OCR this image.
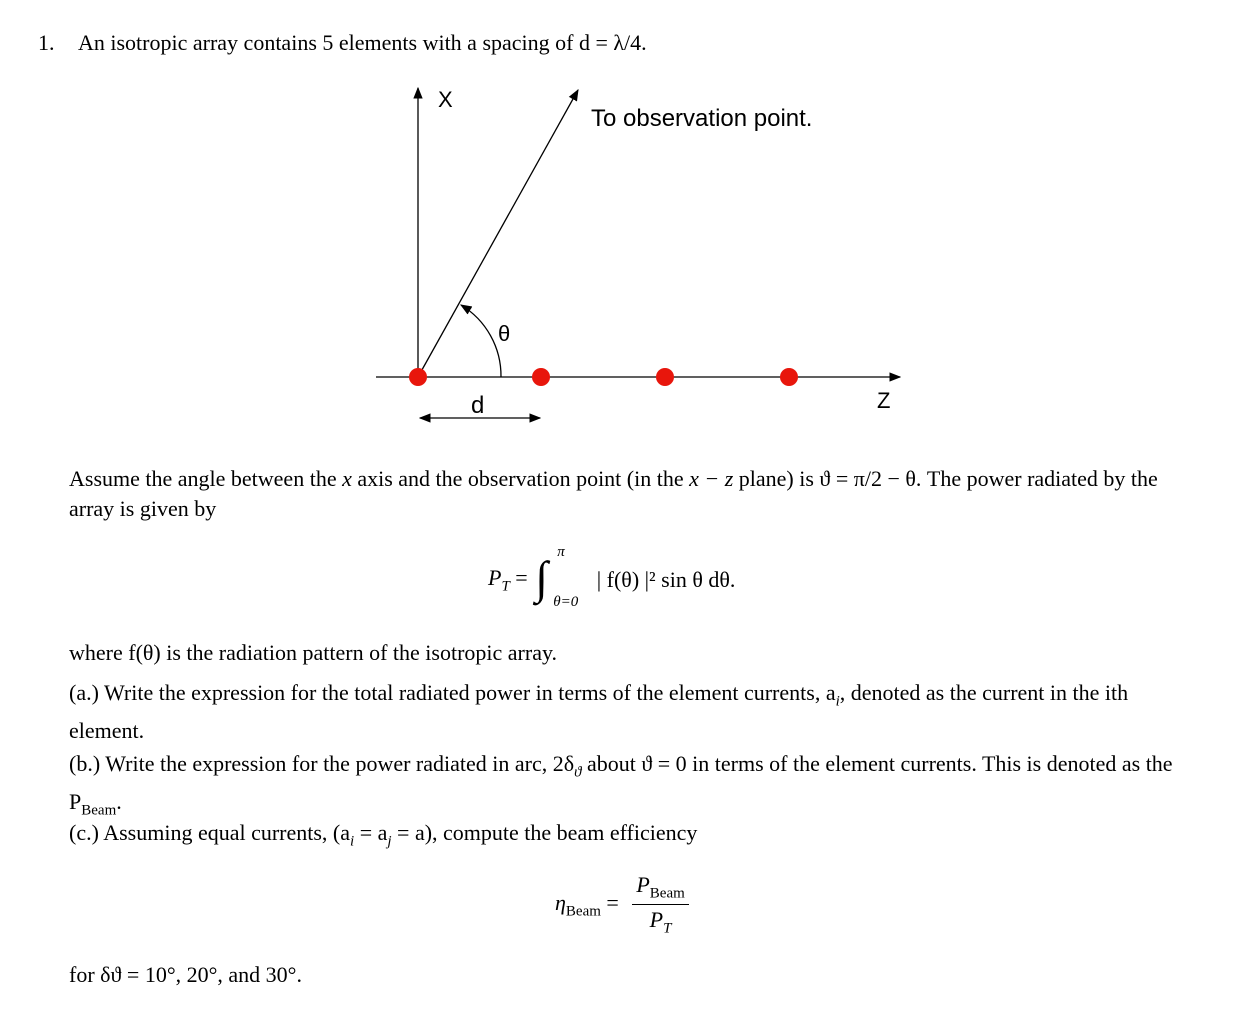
1. An isotropic array contains 5 elements with a spacing of d = λ/4.
X
To observation point.
Z
θ
d
Assume the angle between the x axis and the observation point (in the x − z plane) is ϑ = π/2 − θ. The power radiated by the array is given by
$P_T$ = ∫ π
θ=0
| f(θ) |² sin θ dθ.
where f(θ) is the radiation pattern of the isotropic array.
(a.) Write the expression for the total radiated power in terms of the element currents, $a_i$, denoted as the current in the ith element.
(b.) Write the expression for the power radiated in arc, $2\delta_ϑ$ about ϑ = 0 in terms of the element currents. This is denoted as the $P_{Beam}$.
(c.) Assuming equal currents, $(a_i = a_j = a)$, compute the beam efficiency
$\eta_{Beam} = \frac{P_{Beam}}{P_T}$
for δϑ = 10°, 20°, and 30°.
